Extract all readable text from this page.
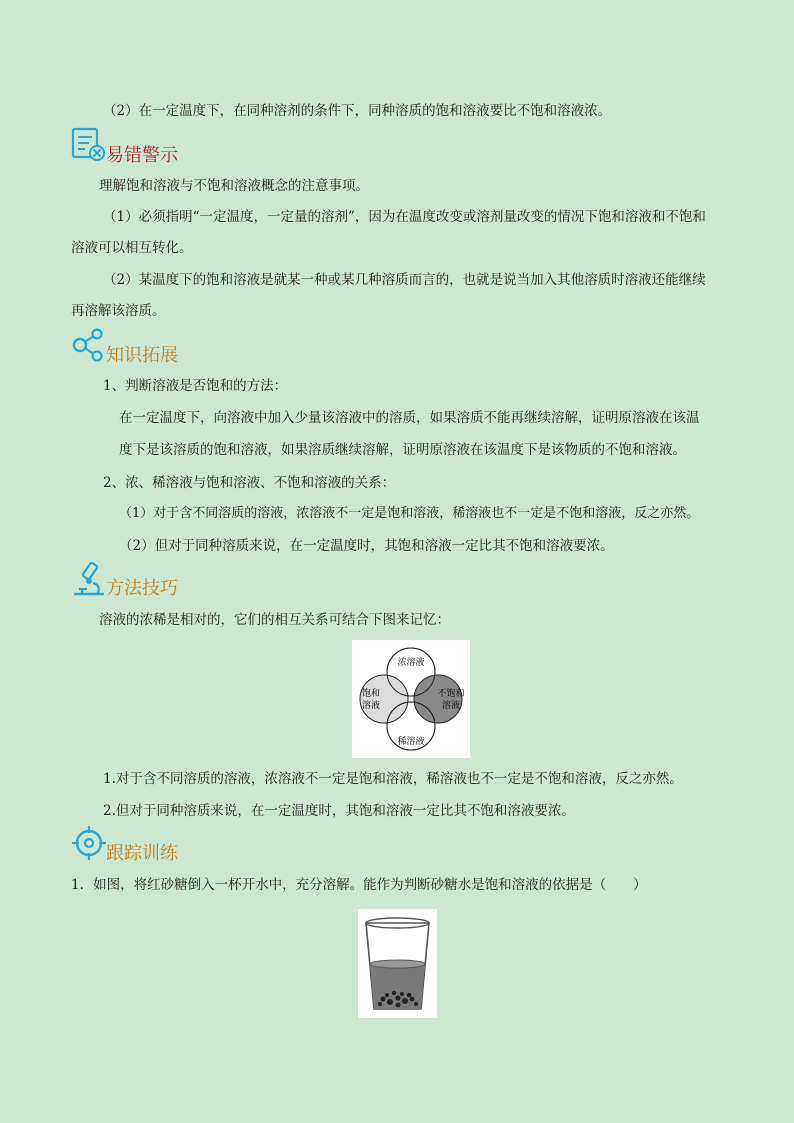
（2）在一定温度下，在同种溶剂的条件下，同种溶质的饱和溶液要比不饱和溶液浓。
易错警示
理解饱和溶液与不饱和溶液概念的注意事项。
（1）必须指明“一定温度，一定量的溶剂”，因为在温度改变或溶剂量改变的情况下饱和溶液和不饱和
溶液可以相互转化。
（2）某温度下的饱和溶液是就某一种或某几种溶质而言的，也就是说当加入其他溶质时溶液还能继续
再溶解该溶质。
知识拓展
1、判断溶液是否饱和的方法：
在一定温度下，向溶液中加入少量该溶液中的溶质，如果溶质不能再继续溶解，证明原溶液在该温
度下是该溶质的饱和溶液，如果溶质继续溶解，证明原溶液在该温度下是该物质的不饱和溶液。
2、浓、稀溶液与饱和溶液、不饱和溶液的关系：
（1）对于含不同溶质的溶液，浓溶液不一定是饱和溶液，稀溶液也不一定是不饱和溶液，反之亦然。
（2）但对于同种溶质来说，在一定温度时，其饱和溶液一定比其不饱和溶液要浓。
方法技巧
溶液的浓稀是相对的，它们的相互关系可结合下图来记忆：
浓溶液
饱和
溶液
不饱和
溶液
稀溶液
1.对于含不同溶质的溶液，浓溶液不一定是饱和溶液，稀溶液也不一定是不饱和溶液，反之亦然。
2.但对于同种溶质来说，在一定温度时，其饱和溶液一定比其不饱和溶液要浓。
跟踪训练
1．如图，将红砂糖倒入一杯开水中，充分溶解。能作为判断砂糖水是饱和溶液的依据是（　　）
